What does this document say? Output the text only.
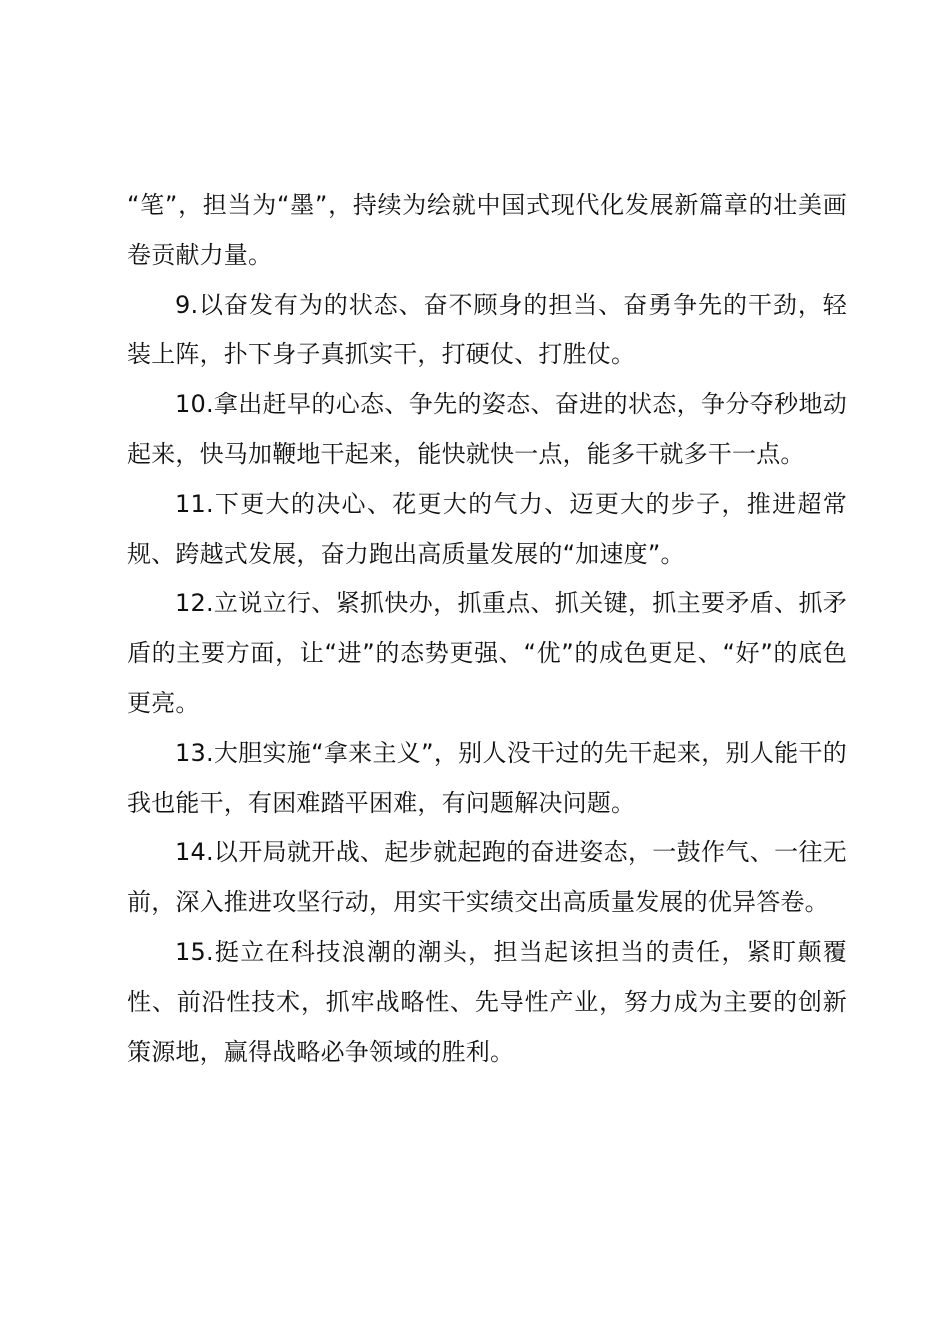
“笔”，担当为“墨”，持续为绘就中国式现代化发展新篇章的壮美画卷贡献力量。

9.以奋发有为的状态、奋不顾身的担当、奋勇争先的干劲，轻装上阵，扑下身子真抓实干，打硬仗、打胜仗。

10.拿出赶早的心态、争先的姿态、奋进的状态，争分夺秒地动起来，快马加鞭地干起来，能快就快一点，能多干就多干一点。

11.下更大的决心、花更大的气力、迈更大的步子，推进超常规、跨越式发展，奋力跑出高质量发展的“加速度”。

12.立说立行、紧抓快办，抓重点、抓关键，抓主要矛盾、抓矛盾的主要方面，让“进”的态势更强、“优”的成色更足、“好”的底色更亮。

13.大胆实施“拿来主义”，别人没干过的先干起来，别人能干的我也能干，有困难踏平困难，有问题解决问题。

14.以开局就开战、起步就起跑的奋进姿态，一鼓作气、一往无前，深入推进攻坚行动，用实干实绩交出高质量发展的优异答卷。

15.挺立在科技浪潮的潮头，担当起该担当的责任，紧盯颠覆性、前沿性技术，抓牢战略性、先导性产业，努力成为主要的创新策源地，赢得战略必争领域的胜利。
